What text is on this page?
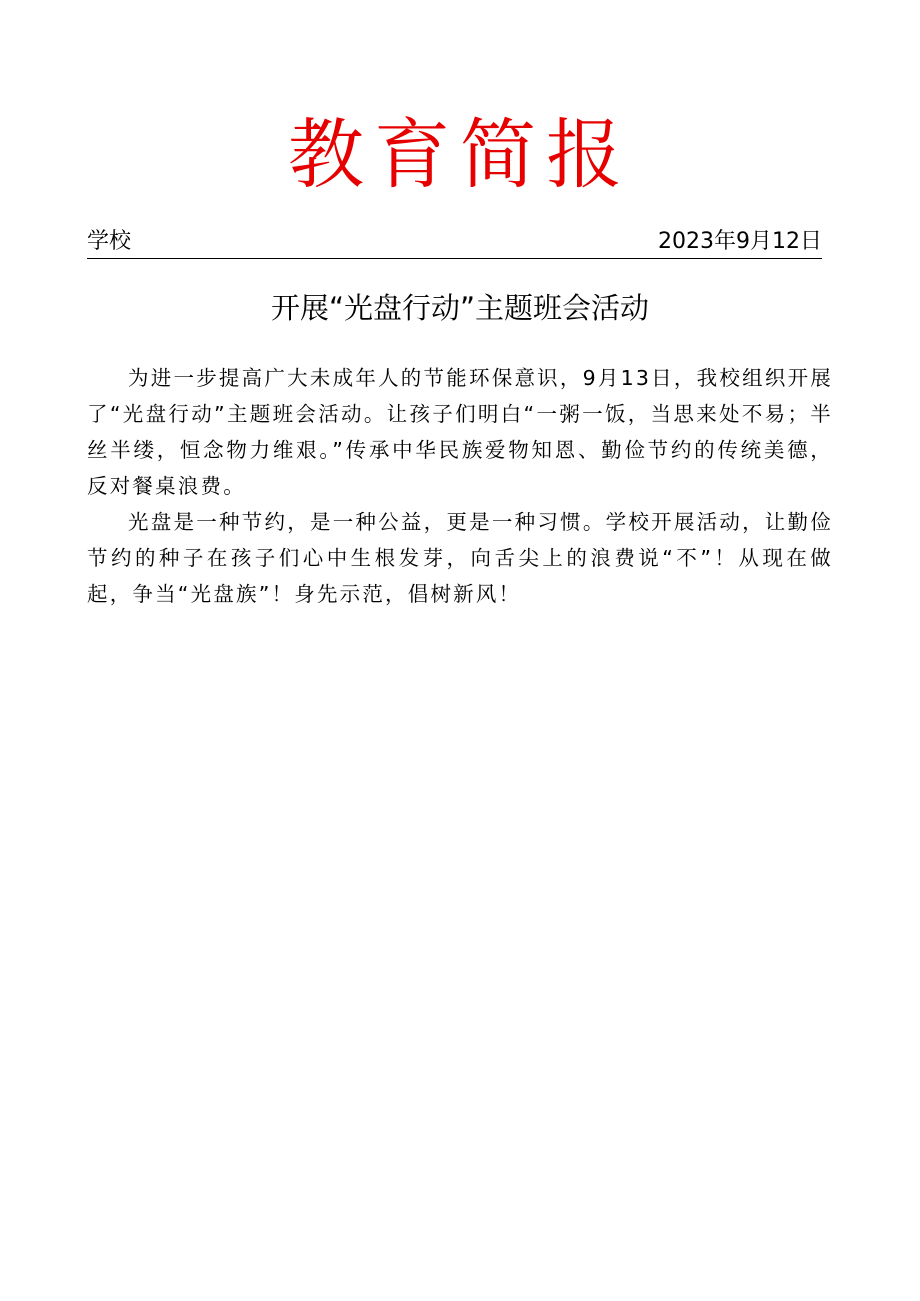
教育简报
学校	2023年9月12日
开展“光盘行动”主题班会活动

为进一步提高广大未成年人的节能环保意识，9月13日，我校组织开展了“光盘行动”主题班会活动。让孩子们明白“一粥一饭，当思来处不易；半丝半缕，恒念物力维艰。”传承中华民族爱物知恩、勤俭节约的传统美德，反对餐桌浪费。

光盘是一种节约，是一种公益，更是一种习惯。学校开展活动，让勤俭节约的种子在孩子们心中生根发芽，向舌尖上的浪费说“不”！从现在做起，争当“光盘族”！身先示范，倡树新风！
